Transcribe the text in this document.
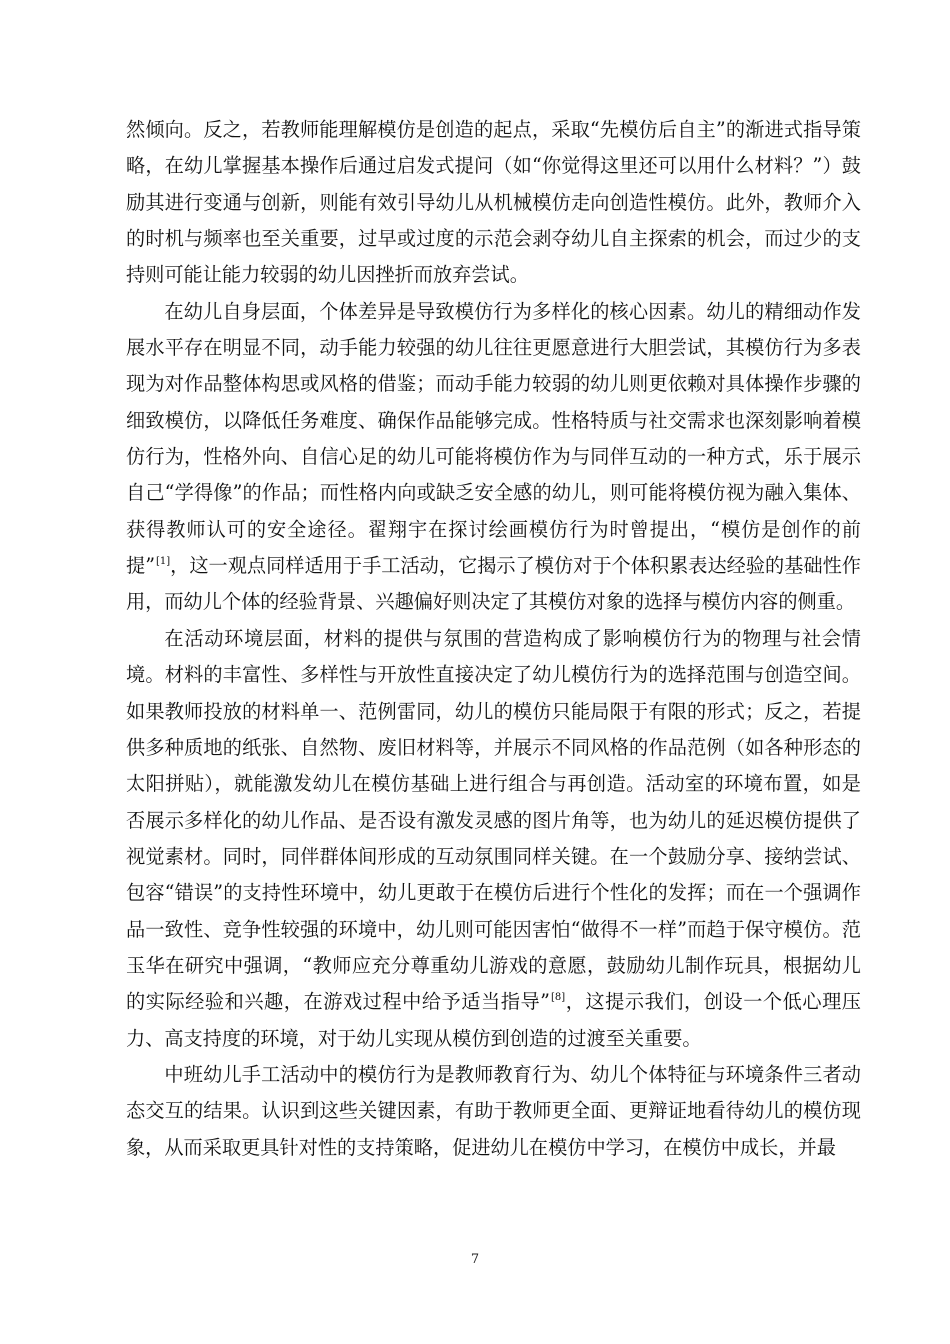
然倾向。反之，若教师能理解模仿是创造的起点，采取“先模仿后自主”的渐进式指导策略，在幼儿掌握基本操作后通过启发式提问（如“你觉得这里还可以用什么材料？”）鼓励其进行变通与创新，则能有效引导幼儿从机械模仿走向创造性模仿。此外，教师介入的时机与频率也至关重要，过早或过度的示范会剥夺幼儿自主探索的机会，而过少的支持则可能让能力较弱的幼儿因挫折而放弃尝试。

在幼儿自身层面，个体差异是导致模仿行为多样化的核心因素。幼儿的精细动作发展水平存在明显不同，动手能力较强的幼儿往往更愿意进行大胆尝试，其模仿行为多表现为对作品整体构思或风格的借鉴；而动手能力较弱的幼儿则更依赖对具体操作步骤的细致模仿，以降低任务难度、确保作品能够完成。性格特质与社交需求也深刻影响着模仿行为，性格外向、自信心足的幼儿可能将模仿作为与同伴互动的一种方式，乐于展示自己“学得像”的作品；而性格内向或缺乏安全感的幼儿，则可能将模仿视为融入集体、获得教师认可的安全途径。翟翔宇在探讨绘画模仿行为时曾提出，“模仿是创作的前提”[1]，这一观点同样适用于手工活动，它揭示了模仿对于个体积累表达经验的基础性作用，而幼儿个体的经验背景、兴趣偏好则决定了其模仿对象的选择与模仿内容的侧重。

在活动环境层面，材料的提供与氛围的营造构成了影响模仿行为的物理与社会情境。材料的丰富性、多样性与开放性直接决定了幼儿模仿行为的选择范围与创造空间。如果教师投放的材料单一、范例雷同，幼儿的模仿只能局限于有限的形式；反之，若提供多种质地的纸张、自然物、废旧材料等，并展示不同风格的作品范例（如各种形态的太阳拼贴），就能激发幼儿在模仿基础上进行组合与再创造。活动室的环境布置，如是否展示多样化的幼儿作品、是否设有激发灵感的图片角等，也为幼儿的延迟模仿提供了视觉素材。同时，同伴群体间形成的互动氛围同样关键。在一个鼓励分享、接纳尝试、包容“错误”的支持性环境中，幼儿更敢于在模仿后进行个性化的发挥；而在一个强调作品一致性、竞争性较强的环境中，幼儿则可能因害怕“做得不一样”而趋于保守模仿。范玉华在研究中强调，“教师应充分尊重幼儿游戏的意愿，鼓励幼儿制作玩具，根据幼儿的实际经验和兴趣，在游戏过程中给予适当指导”[8]，这提示我们，创设一个低心理压力、高支持度的环境，对于幼儿实现从模仿到创造的过渡至关重要。

中班幼儿手工活动中的模仿行为是教师教育行为、幼儿个体特征与环境条件三者动态交互的结果。认识到这些关键因素，有助于教师更全面、更辩证地看待幼儿的模仿现象，从而采取更具针对性的支持策略，促进幼儿在模仿中学习，在模仿中成长，并最

7
